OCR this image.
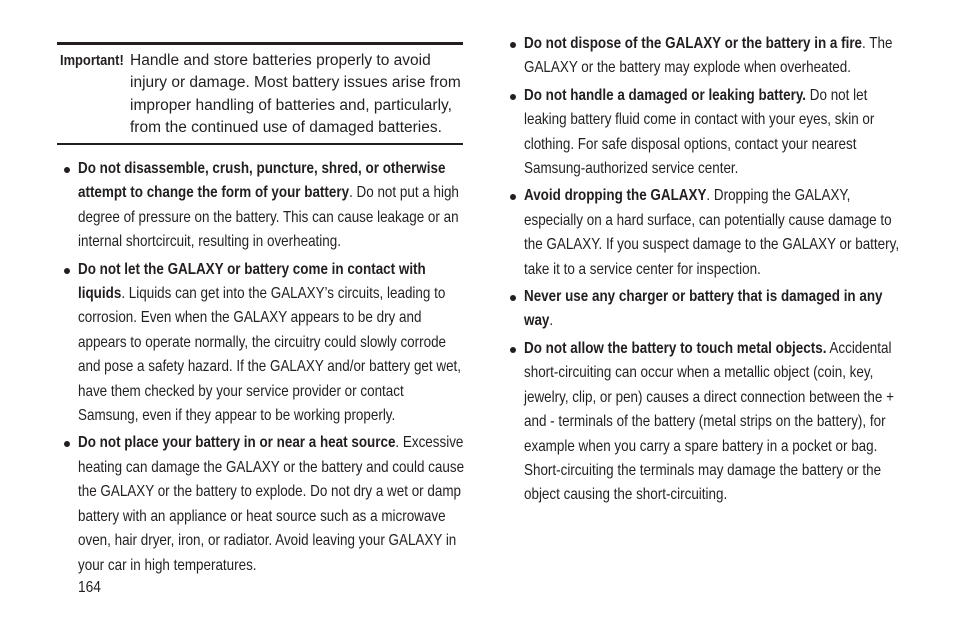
Important! Handle and store batteries properly to avoid injury or damage. Most battery issues arise from improper handling of batteries and, particularly, from the continued use of damaged batteries.
Do not disassemble, crush, puncture, shred, or otherwise attempt to change the form of your battery. Do not put a high degree of pressure on the battery. This can cause leakage or an internal shortcircuit, resulting in overheating.
Do not let the GALAXY or battery come in contact with liquids. Liquids can get into the GALAXY’s circuits, leading to corrosion. Even when the GALAXY appears to be dry and appears to operate normally, the circuitry could slowly corrode and pose a safety hazard. If the GALAXY and/or battery get wet, have them checked by your service provider or contact Samsung, even if they appear to be working properly.
Do not place your battery in or near a heat source. Excessive heating can damage the GALAXY or the battery and could cause the GALAXY or the battery to explode. Do not dry a wet or damp battery with an appliance or heat source such as a microwave oven, hair dryer, iron, or radiator. Avoid leaving your GALAXY in your car in high temperatures.
Do not dispose of the GALAXY or the battery in a fire. The GALAXY or the battery may explode when overheated.
Do not handle a damaged or leaking battery. Do not let leaking battery fluid come in contact with your eyes, skin or clothing. For safe disposal options, contact your nearest Samsung-authorized service center.
Avoid dropping the GALAXY. Dropping the GALAXY, especially on a hard surface, can potentially cause damage to the GALAXY. If you suspect damage to the GALAXY or battery, take it to a service center for inspection.
Never use any charger or battery that is damaged in any way.
Do not allow the battery to touch metal objects. Accidental short-circuiting can occur when a metallic object (coin, key, jewelry, clip, or pen) causes a direct connection between the + and - terminals of the battery (metal strips on the battery), for example when you carry a spare battery in a pocket or bag. Short-circuiting the terminals may damage the battery or the object causing the short-circuiting.
164
